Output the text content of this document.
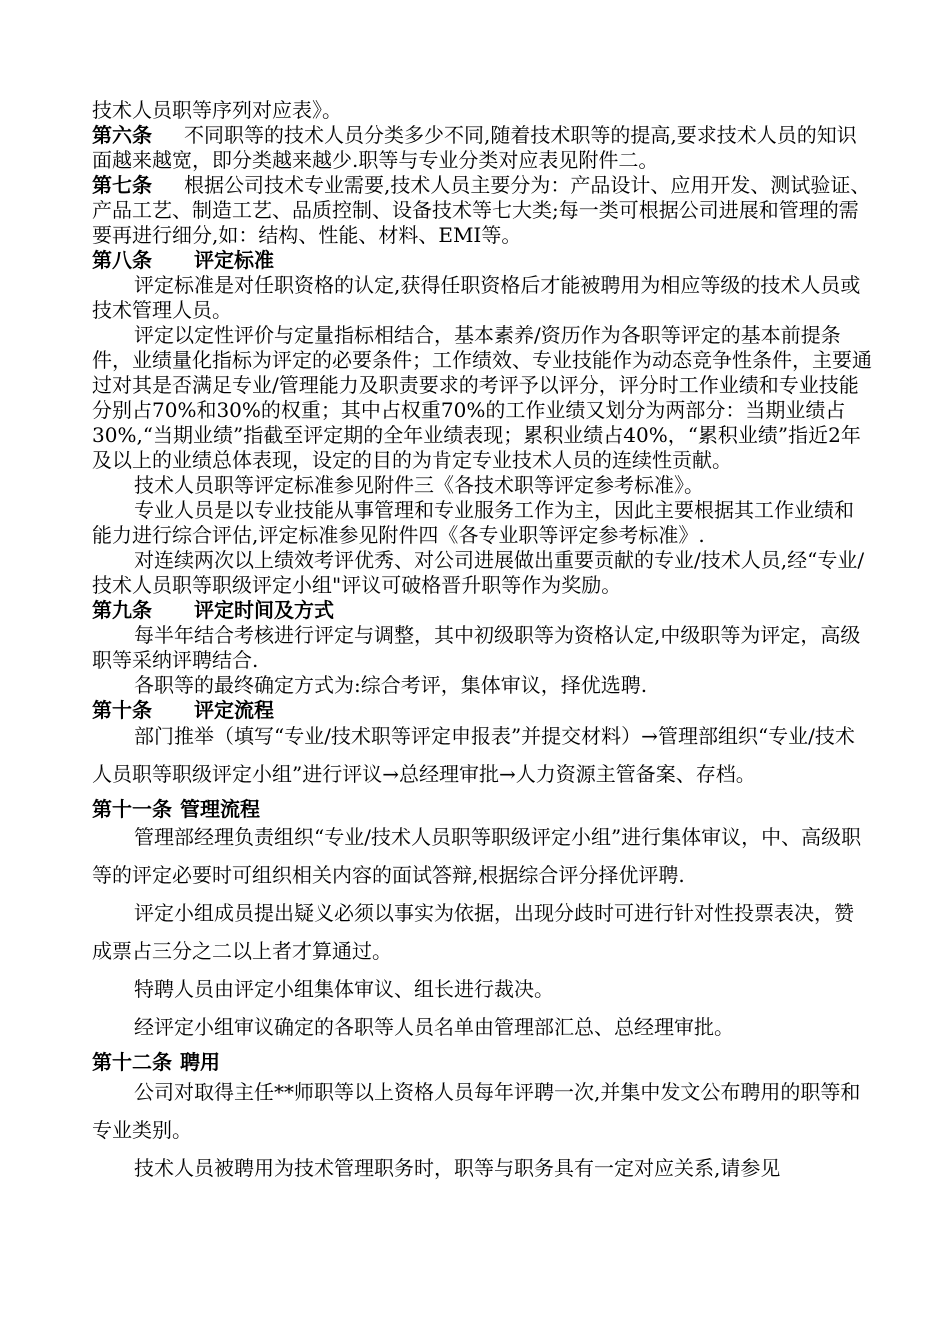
技术人员职等序列对应表》。

第六条 不同职等的技术人员分类多少不同,随着技术职等的提高,要求技术人员的知识面越来越宽，即分类越来越少.职等与专业分类对应表见附件二。

第七条 根据公司技术专业需要,技术人员主要分为：产品设计、应用开发、测试验证、产品工艺、制造工艺、品质控制、设备技术等七大类;每一类可根据公司进展和管理的需要再进行细分,如：结构、性能、材料、EMI等。

第八条 评定标准

评定标准是对任职资格的认定,获得任职资格后才能被聘用为相应等级的技术人员或技术管理人员。

评定以定性评价与定量指标相结合，基本素养/资历作为各职等评定的基本前提条件，业绩量化指标为评定的必要条件；工作绩效、专业技能作为动态竞争性条件，主要通过对其是否满足专业/管理能力及职责要求的考评予以评分，评分时工作业绩和专业技能分别占70%和30%的权重；其中占权重70%的工作业绩又划分为两部分：当期业绩占30%,“当期业绩”指截至评定期的全年业绩表现；累积业绩占40%，“累积业绩”指近2年及以上的业绩总体表现，设定的目的为肯定专业技术人员的连续性贡献。

技术人员职等评定标准参见附件三《各技术职等评定参考标准》。

专业人员是以专业技能从事管理和专业服务工作为主，因此主要根据其工作业绩和能力进行综合评估,评定标准参见附件四《各专业职等评定参考标准》.

对连续两次以上绩效考评优秀、对公司进展做出重要贡献的专业/技术人员,经“专业/技术人员职等职级评定小组"评议可破格晋升职等作为奖励。

第九条 评定时间及方式

每半年结合考核进行评定与调整，其中初级职等为资格认定,中级职等为评定，高级职等采纳评聘结合.

各职等的最终确定方式为:综合考评，集体审议，择优选聘.

第十条 评定流程

部门推举（填写“专业/技术职等评定申报表”并提交材料）→管理部组织“专业/技术人员职等职级评定小组”进行评议→总经理审批→人力资源主管备案、存档。

第十一条 管理流程

管理部经理负责组织“专业/技术人员职等职级评定小组”进行集体审议，中、高级职等的评定必要时可组织相关内容的面试答辩,根据综合评分择优评聘.

评定小组成员提出疑义必须以事实为依据，出现分歧时可进行针对性投票表决，赞成票占三分之二以上者才算通过。

特聘人员由评定小组集体审议、组长进行裁决。

经评定小组审议确定的各职等人员名单由管理部汇总、总经理审批。

第十二条 聘用

公司对取得主任**师职等以上资格人员每年评聘一次,并集中发文公布聘用的职等和专业类别。

技术人员被聘用为技术管理职务时，职等与职务具有一定对应关系,请参见
